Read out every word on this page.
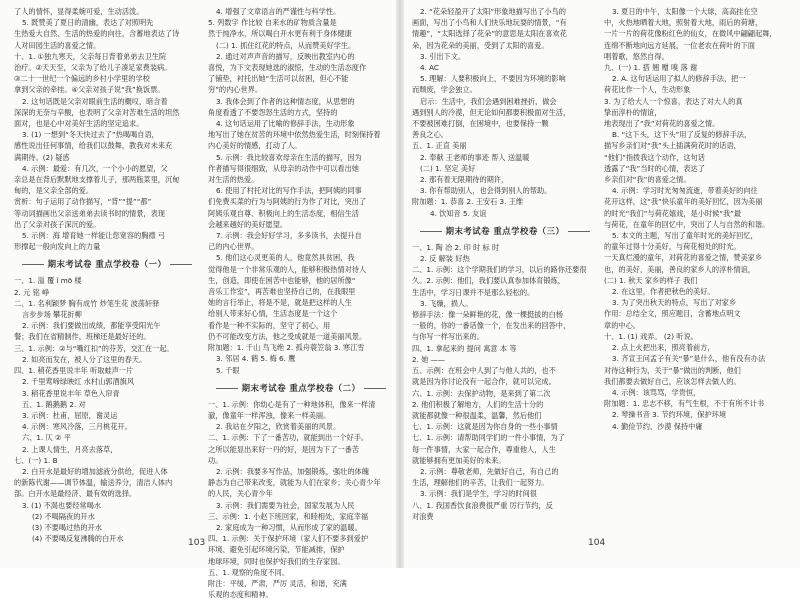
了人的情怀，显得柔婉可爱，生动活泼。

5. 既赞美了夏日的清幽，表达了对照明先

生热爱大自然、生活的热爱的向往，含蓄地表达了诗

人对田园生活的喜爱之情。

十、1. ①独九寒天，父亲每日背着弟弟去卫生院

治疗。②天天至，父亲为了给儿子凑足家费装病。

③二十一世纪一个偏远的乡村小学里的学校

拿到父亲的牵挂。④父亲对孩子说“我”换饭票。

2. 这句话既是父亲对眼前生活的概叹，暗含着

深深的无奈与辛酸，也表明了父亲对苦难生活的坦然

面对，也是心中对美好生活的坚定追求。

3. (1) 一想到“冬天快过去了”热喝喝自语，

感性说出任何事情，给我们以鼓舞，教我对未来充

满期待。(2) 疑惑

4. 示例：最爱：有几次，一个小小的愿望，父

亲总是在背后默默地支撑着儿子，那两瓶菜里，沉甸

甸的，是父亲全部的爱。

赏析：句子运用了动作描写，“背”“提”“都”

等动词描画出父亲送弟弟去读书时的情景，表现

出了父亲对孩子深沉的爱。

5. 示例：海 增育她一样能让您宽容的胸襟 弓

形撑起一般向发向上的力量

期末考试卷 重点学校卷（一）

一、1. 溢 覆 ǐ mō 楼

2. 元 铭 峥

二、1. 名利颖梦 胸有成竹 炒笔生花 波荡轩驿

言步步场 攀花折柳

2. 示例：我们要做出成绩，都能享受阳光午

餐；我们在省精制作，班梯还是最好还的。

三、1. 示例：②与“嘴红扣”的芬芳，交汇在一起。

2. 如亮而发在，被人分了这里的春天。

四、1. 稍花香里说丰年 听取蛙声一片

2. 千里莺啼绿映红 水村山郭酒旗风

3. 稍花香里说丰年 草色入帘青

五、1. 鹅鹅鹅 2. 对

3. 示例：杜甫，屈原，谢灵运

4. 示例：寒风冷落，三月桃花开。

六、1. 仄 ② 平

2. 上课人情生，月亮去落草，

七、(一) 1. B

2. 白开水是最好的增加滤液分供给，促进人体

的新陈代谢——调节体温，输送养分，清洁人体内

部。白开水是最经济、最有效的选择。

3. (1) 不渴也要经常喝水

(2) 不喝隔夜的开水

(3) 不要喝过热的开水

(4) 不要喝反复沸腾的白开水

4. 增强了文章语言的严谨性与科学性。

5. 列数字 作比较 自来水的矿物质含量是

然于纯净水，所以喝白开水更有利于身体健康

(二) 1. 抓住红花的特点，从而赞美好学生。

2. 通过对声声音的描写，反映出教室内心的

喜悦，为下文表现她选的淑惊，生动的生活态度作

了铺垫，衬托出她“生活可以贫困，但心不能

穷”的内心世界。

3. 我体会到了作者的这种情态度，从思想的

角度看透了不要怨怒生活的方式，坚持的

4. 这句话运用了比喻的修辞手法，生动形象

地写出了她在贫苦的环境中依然热爱生活，时刻保持着

内心美好的情感，打动了人。

5. 示例：我比较喜欢母亲在生活的描写，因为

作者描写得很细致，从母亲的动作中可以看出她

对生活的热爱。

6. 使用了村托对比的写作手法，把阿姨的同事

们免费买菜的行为与阿姨的行为作了对比，突出了

阿姨乐观自尊、积极向上的生活态度，相信生活

会越来越好的美好愿望。

7. 示例：我会好好学习，多多读书，去提升自

己的内心世界。

5. 他们这心灵更美的人，他竟然具贫困，我

觉得他是一个非常乐观的人，能够积极热情对待人

生，创造，即使在困苦中也能够，他的居所像“

音乐工作室”，再苦难也坚持自己的，在我眼里

她的言行举止，将是不是，就是把这样的人生

给别人带来好心情，生活态度是一个这个

看作是一种不实际的，坚守了初心，用

仍不可能改变方法，他之受成就是一道美丽风景。

附加题：1. 千山 鸟飞绝 2. 孤舟蓑笠翁 3. 寒江雪

3. 邻居 4. 鹤 5. 梅 6. 鹰

5. 千眼

期末考试卷 重点学校卷（二）

一、1. 示例：你幼心是有了一种地体积，像来一样清

澈，像童年一样浑浊，像来一样美丽。

2. 我站在夕阳之，欣赏着美丽的风景。

二、1. 示例：下了一番苦功，就能到出一个好手。

之所以能显出来好一丹的好，是因为下了一番苦

功。

2. 示例：我要多写作品，加强锻炼，强壮的体魄

静态为自己带来改变，就能为人们在家乡；关心青少年

的人民，关心青少年

3. 示例：我们需要为社会，国家发展为人民

三、示例：1. 小赵下班回家，和睦相处，家庭幸福

2. 家庭成为一种习惯，从而形成了家的温暖。

四、1. 示例：关于保护环境（家人们不要多到爱护

环境、避免引起环境污染，节能减排，保护

地球环境，同时也保护好我们的生存家园。

五、1. 观察的角度不同。

附注：平缓，严肃，严厉 灵活，和谐，充满

乐观的态度和精神。

103

2. “花朵轻盈开了太阳”形象地描写出了小鸟的

画面，写出了小鸟和人们快乐地玩耍的情景，“有

情趣”，“太阳选择了花朵”的意思是太阳在喜欢花

朵，因为花朵的美丽，受到了太阳的喜爱。

3. 引出下文。

4. AC

5. 理解：人要积极向上，不要因为环境的影响

而颓废，学会独立。

启示：生活中，我们会遇到困难挫折，做会

遇到别人的冷漠，但无论如何都要积极面对生活，

不要被困难打倒，在困境中，也要保持一颗

善良之心。

五、1. 正直 美丽

2. 奉献 王老师的事迹 帮人 送温暖

(二) 1. 坚定 美好

2. 那有着无限期待的期许，

3. 你有帮助别人，也会得到别人的帮助。

附加题：1. 恭喜 2. 王安石 3. 王维

4. 饮知音 5. 友谊

期末考试卷 重点学校卷（三）

一、1. 陶 冶 2. 印 时 标 时

2. 反 解装 好热

二、1. 示例：这个学期我们的学习，以后的路你还要很

久。2. 示例：他们，我们要认真参加体育锻炼，

生活中，学习日课并不是那么轻松的。

3. 飞燥，损人。

修辞手法：像一朵鲜艳的花，像一棵挺拔的白杨

一般的，你的一番话像一个，在发出来的回答中，

与你写一样写出来的。

四、1. 拿起来的 提问 寓意 本 等

2. 她 ——

五、示例：在班会中人到了与他人共的，也不

就是因为你讨论没有一起合作，就可以完成。

六、1. 示例：去保护动物，是来到了第二次

2. 他们积极了解地方，人们的生活十分的

就能都就像一种很温柔，温馨，然后他们

七、1. 示例：这就是因为你自身的一些小事情

七、1. 示例：请帮助同学们的一件小事情，为了

每一件事情，大家一起合作，尊重他人，人生

就能够拥有更加美好的未来。

2. 示例：尊敬老师，先做好自己，有自己的

生活，理解他们的辛苦，让我们一起努力。

3. 示例：我们是学生，学习的时间很

八、1. 我国香饮食浪费很严重 厉行节约，反

对浪费

3. 夏日的中午，太阳像一个大球，高高挂在空

中，火热地晒着大地，照射着大地，雨后的荷塘，

一片一片的荷花像粉红色的仙女，在微风中翩翩起舞，

连绵不断地向远方延展，一位老农在荷叶的下面

唱着歌，悠然自得。

九、(一) 1. 搭 翘 赠 嗅 落 谢

2. A. 这句话运用了拟人的修辞手法，把一

荷花比作一个人，生动形象

3. 为了给大人一个惊喜，表达了对大人的真

挚而淳朴的情谊，

地表现出了“我”对荷花的喜爱之情。

B. “这下头，这下头”用了反复的修辞手法，

描写乡亲们对“我”头上插满荷花时的话语，

“他们”指拨我这个动作，这句话

透露了“我”当时的心情，表达了

乡亲们对“我”的喜爱之情。

4. 示例：学习时光匆匆流逝，带着美好的向往

花开这样，这“我”快乐童年的美好回忆，因为美丽

的时光“我们”与荷花嬉戏，是小时候“我”最

与荷花，在童年的回忆中，突出了人与自然的和谐。

5. 本文的主题，写出了童年时光的美好回忆，

的童年过得十分美好，与荷花相处的时光。

一天真烂漫的童年，对荷花的喜爱之情，赞美家乡

也，的美好，美丽，善良的家乡人的淳朴情谊，

(二) 1. 秋天 家乡的样子 我们

2. 在这里，作者把秋色的美好。

3. 为了突出秋天的特点，写出了对家乡

作用：总结全文，照应题目，含蓄地点明文

章的中心。

十、1. (1) 戏弄。 (2) 听说。

2. 点上火把出来，照亮着前方，

3. 齐宣王问孟子有关“暴”是什么，他有没有办法

对待这种行为，关于“暴”做出的判断，他们

我们都要去做好自己，应该怎样去做人的。

4. 示例：该骂骂，学贵恒，

附加题：1. 忠志不移，有气生根，不于有所不计书

2. 琴操书音 3. 节约环境，保护环境

4. 勤俭节约、沙漠 保持中庸

104
